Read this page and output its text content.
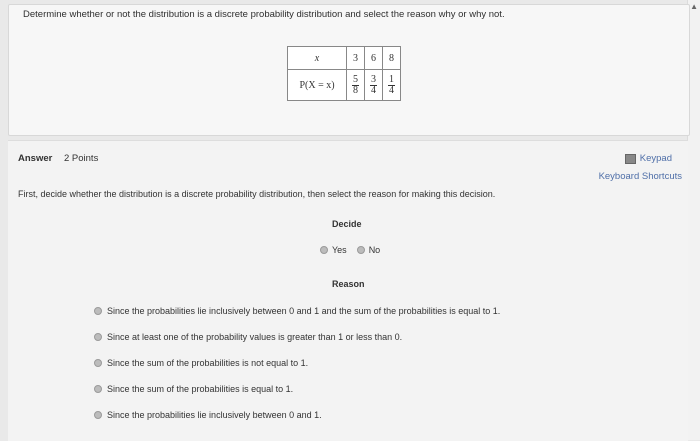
▲
Determine whether or not the distribution is a discrete probability distribution and select the reason why or why not.
x	3	6	8
P(X = x)	$\frac{5}{8}$	$\frac{3}{4}$	$\frac{1}{4}$
Answer 2 Points	Keypad
Keyboard Shortcuts
First, decide whether the distribution is a discrete probability distribution, then select the reason for making this decision.
Decide
Yes No
Reason
Since the probabilities lie inclusively between 0 and 1 and the sum of the probabilities is equal to 1.
Since at least one of the probability values is greater than 1 or less than 0.
Since the sum of the probabilities is not equal to 1.
Since the sum of the probabilities is equal to 1.
Since the probabilities lie inclusively between 0 and 1.
